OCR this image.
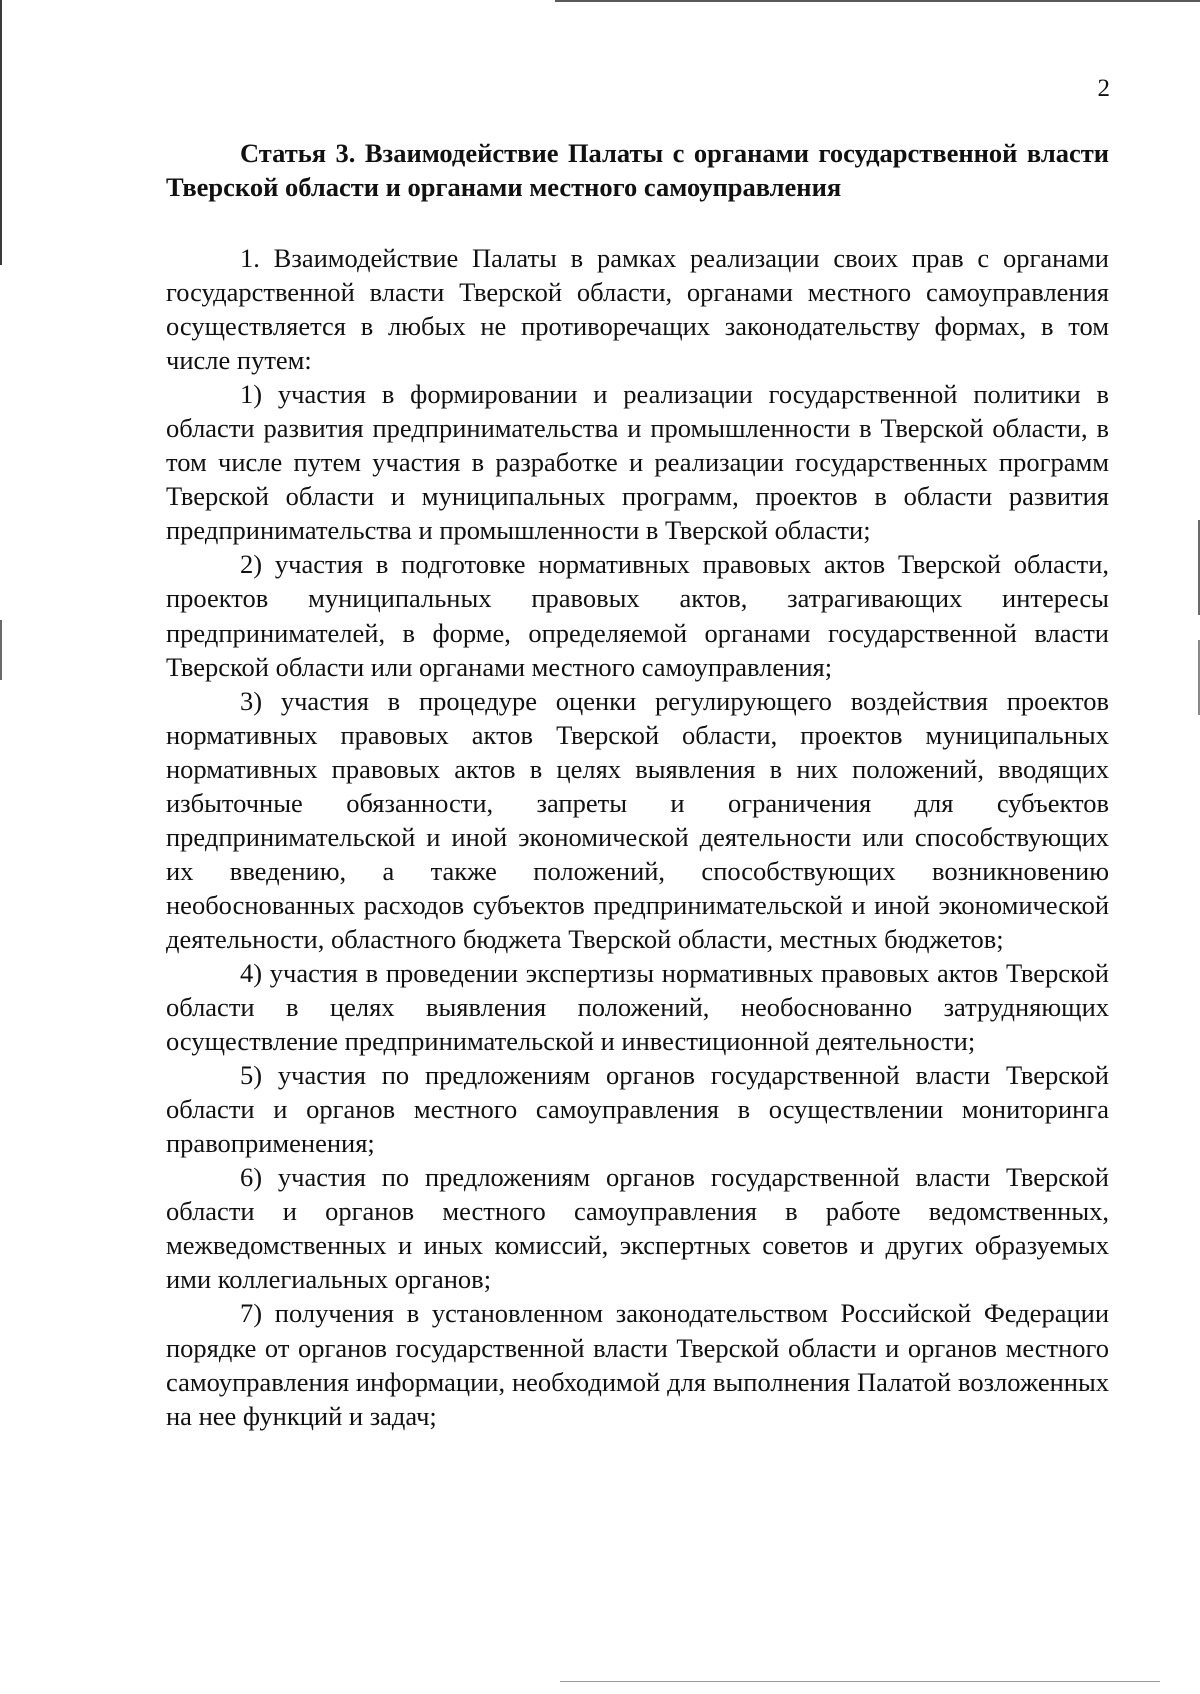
2
Статья 3. Взаимодействие Палаты с органами государственной власти Тверской области и органами местного самоуправления

1. Взаимодействие Палаты в рамках реализации своих прав с органами государственной власти Тверской области, органами местного самоуправления осуществляется в любых не противоречащих законодательству формах, в том числе путем:

1) участия в формировании и реализации государственной политики в области развития предпринимательства и промышленности в Тверской области, в том числе путем участия в разработке и реализации государственных программ Тверской области и муниципальных программ, проектов в области развития предпринимательства и промышленности в Тверской области;

2) участия в подготовке нормативных правовых актов Тверской области, проектов муниципальных правовых актов, затрагивающих интересы предпринимателей, в форме, определяемой органами государственной власти Тверской области или органами местного самоуправления;

3) участия в процедуре оценки регулирующего воздействия проектов нормативных правовых актов Тверской области, проектов муниципальных нормативных правовых актов в целях выявления в них положений, вводящих избыточные обязанности, запреты и ограничения для субъектов предпринимательской и иной экономической деятельности или способствующих их введению, а также положений, способствующих возникновению необоснованных расходов субъектов предпринимательской и иной экономической деятельности, областного бюджета Тверской области, местных бюджетов;

4) участия в проведении экспертизы нормативных правовых актов Тверской области в целях выявления положений, необоснованно затрудняющих осуществление предпринимательской и инвестиционной деятельности;

5) участия по предложениям органов государственной власти Тверской области и органов местного самоуправления в осуществлении мониторинга правоприменения;

6) участия по предложениям органов государственной власти Тверской области и органов местного самоуправления в работе ведомственных, межведомственных и иных комиссий, экспертных советов и других образуемых ими коллегиальных органов;

7) получения в установленном законодательством Российской Федерации порядке от органов государственной власти Тверской области и органов местного самоуправления информации, необходимой для выполнения Палатой возложенных на нее функций и задач;
